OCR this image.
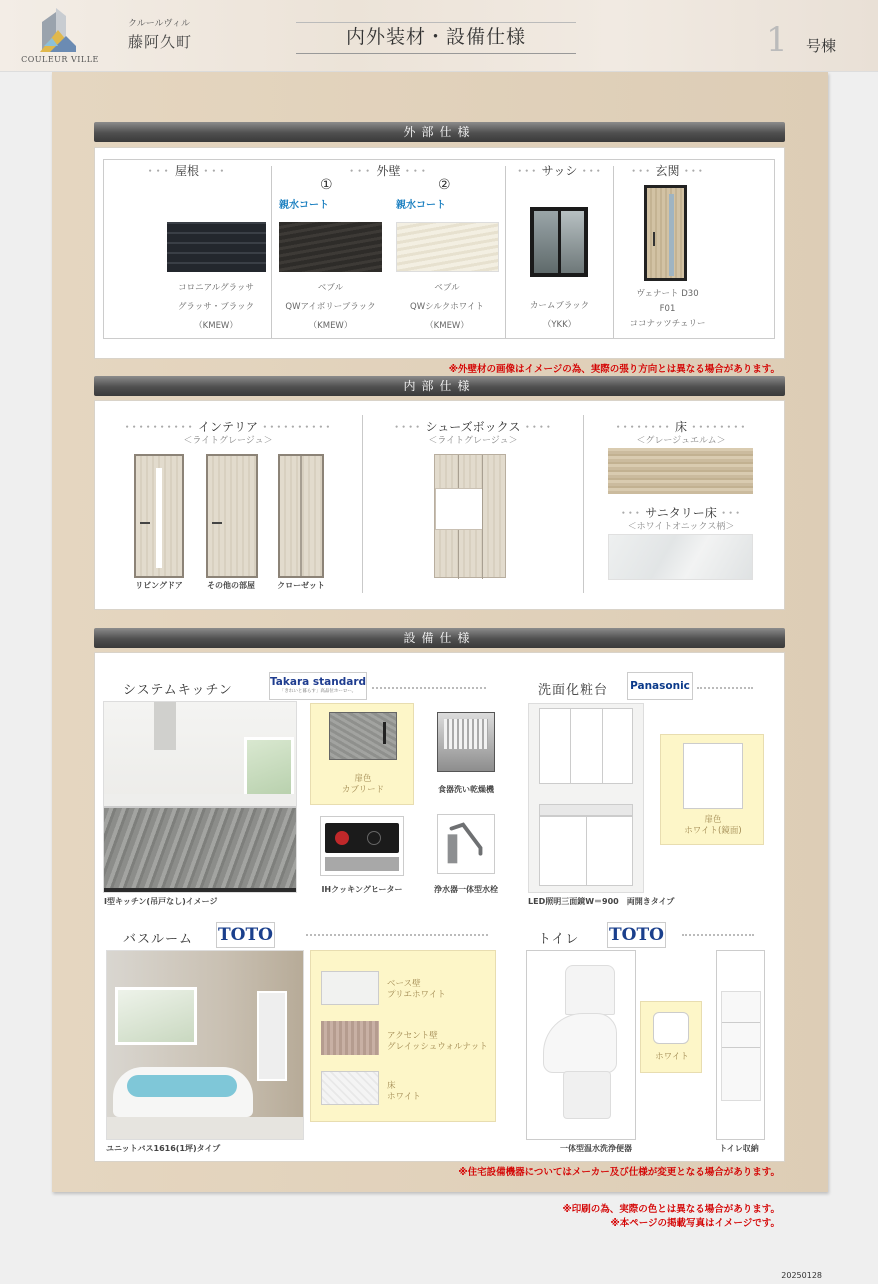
COULEUR VILLE
クルールヴィル
藤阿久町	内外装材・設備仕様	1 号棟
外部仕様
･･･ 屋根 ･･･
コロニアルグラッサ
グラッサ・ブラック
（KMEW）
･･･ 外壁 ･･･
①	②
親水コート	親水コート
ベブル
QWアイボリーブラック
（KMEW）
ベブル
QWシルクホワイト
（KMEW）
･･･ サッシ ･･･
カームブラック
（YKK）
･･･ 玄関 ･･･
ヴェナート D30
F01
ココナッツチェリー
※外壁材の画像はイメージの為、実際の張り方向とは異なる場合があります。
内部仕様
･･････････ インテリア ･･････････
＜ライトグレージュ＞
リビングドア	その他の部屋	クローゼット
････ シューズボックス ････
＜ライトグレージュ＞
････････ 床 ････････
＜グレージュエルム＞
･･･ サニタリー床 ･･･
＜ホワイトオニックス柄＞
設備仕様
システムキッチン
Takara standard
「きれいと暮らす」高品位ホーロー。
扉色
カブリード	食器洗い乾燥機
IHクッキングヒーター	浄水器一体型水栓
I型キッチン(吊戸なし)イメージ
洗面化粧台 Panasonic
扉色
ホワイト(鏡面)
LED照明三面鏡W＝900　両開きタイプ
バスルーム TOTO
ベース壁
プリエホワイト
アクセント壁
グレイッシュウォルナット
床
ホワイト
ユニットバス1616(1坪)タイプ
トイレ TOTO
ホワイト
一体型温水洗浄便器	トイレ収納
※住宅設備機器についてはメーカー及び仕様が変更となる場合があります。
※印刷の為、実際の色とは異なる場合があります。
※本ページの掲載写真はイメージです。
20250128
